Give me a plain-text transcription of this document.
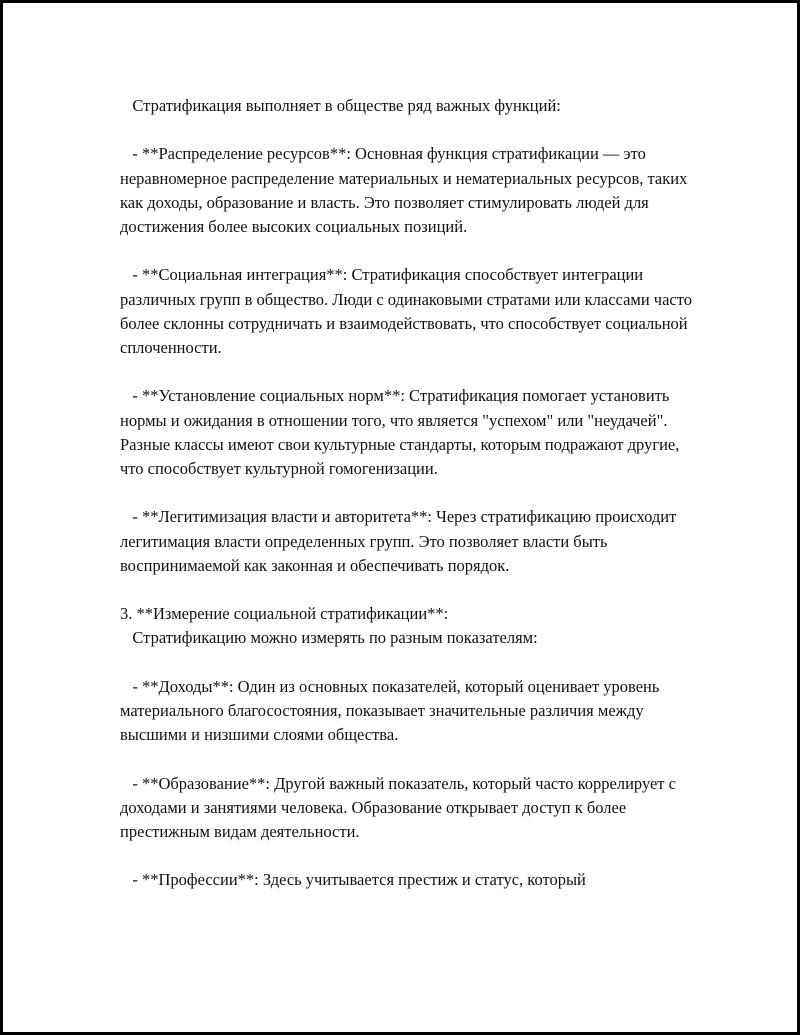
Стратификация выполняет в обществе ряд важных функций:

- **Распределение ресурсов**: Основная функция стратификации — это неравномерное распределение материальных и нематериальных ресурсов, таких как доходы, образование и власть. Это позволяет стимулировать людей для достижения более высоких социальных позиций.

- **Социальная интеграция**: Стратификация способствует интеграции различных групп в общество. Люди с одинаковыми стратами или классами часто более склонны сотрудничать и взаимодействовать, что способствует социальной сплоченности.

- **Установление социальных норм**: Стратификация помогает установить нормы и ожидания в отношении того, что является "успехом" или "неудачей". Разные классы имеют свои культурные стандарты, которым подражают другие, что способствует культурной гомогенизации.

- **Легитимизация власти и авторитета**: Через стратификацию происходит легитимация власти определенных групп. Это позволяет власти быть воспринимаемой как законная и обеспечивать порядок.

3. **Измерение социальной стратификации**:

Стратификацию можно измерять по разным показателям:

- **Доходы**: Один из основных показателей, который оценивает уровень материального благосостояния, показывает значительные различия между высшими и низшими слоями общества.

- **Образование**: Другой важный показатель, который часто коррелирует с доходами и занятиями человека. Образование открывает доступ к более престижным видам деятельности.

- **Профессии**: Здесь учитывается престиж и статус, который
